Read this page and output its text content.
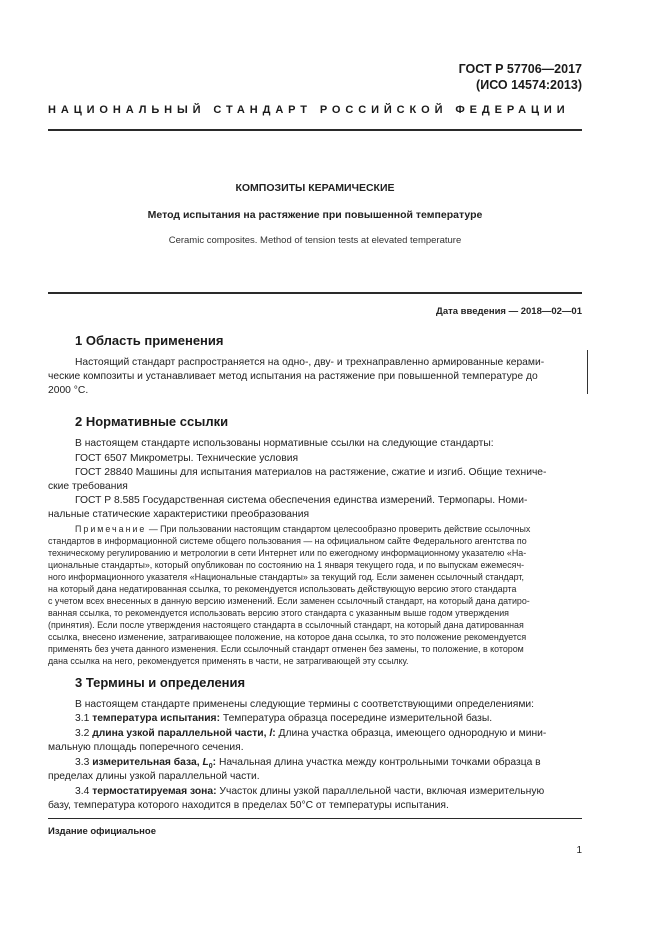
ГОСТ Р 57706—2017
(ИСО 14574:2013)
НАЦИОНАЛЬНЫЙ СТАНДАРТ РОССИЙСКОЙ ФЕДЕРАЦИИ
КОМПОЗИТЫ КЕРАМИЧЕСКИЕ
Метод испытания на растяжение при повышенной температуре
Ceramic composites. Method of tension tests at elevated temperature
Дата введения — 2018—02—01
1 Область применения
Настоящий стандарт распространяется на одно-, дву- и трехнаправленно армированные керами-
ческие композиты и устанавливает метод испытания на растяжение при повышенной температуре до
2000 °С.
2 Нормативные ссылки
В настоящем стандарте использованы нормативные ссылки на следующие стандарты:
ГОСТ 6507 Микрометры. Технические условия
ГОСТ 28840 Машины для испытания материалов на растяжение, сжатие и изгиб. Общие техниче-
ские требования
ГОСТ Р 8.585 Государственная система обеспечения единства измерений. Термопары. Номи-
нальные статические характеристики преобразования
Примечание — При пользовании настоящим стандартом целесообразно проверить действие ссылочных
стандартов в информационной системе общего пользования — на официальном сайте Федерального агентства по
техническому регулированию и метрологии в сети Интернет или по ежегодному информационному указателю «На-
циональные стандарты», который опубликован по состоянию на 1 января текущего года, и по выпускам ежемесяч-
ного информационного указателя «Национальные стандарты» за текущий год. Если заменен ссылочный стандарт,
на который дана недатированная ссылка, то рекомендуется использовать действующую версию этого стандарта
с учетом всех внесенных в данную версию изменений. Если заменен ссылочный стандарт, на который дана датиро-
ванная ссылка, то рекомендуется использовать версию этого стандарта с указанным выше годом утверждения
(принятия). Если после утверждения настоящего стандарта в ссылочный стандарт, на который дана датированная
ссылка, внесено изменение, затрагивающее положение, на которое дана ссылка, то это положение рекомендуется
применять без учета данного изменения. Если ссылочный стандарт отменен без замены, то положение, в котором
дана ссылка на него, рекомендуется применять в части, не затрагивающей эту ссылку.
3 Термины и определения
В настоящем стандарте применены следующие термины с соответствующими определениями:
3.1 температура испытания: Температура образца посередине измерительной базы.
3.2 длина узкой параллельной части, l: Длина участка образца, имеющего однородную и мини-
мальную площадь поперечного сечения.
3.3 измерительная база, $L_0$: Начальная длина участка между контрольными точками образца в
пределах длины узкой параллельной части.
3.4 термостатируемая зона: Участок длины узкой параллельной части, включая измерительную
базу, температура которого находится в пределах 50°С от температуры испытания.
Издание официальное
1
